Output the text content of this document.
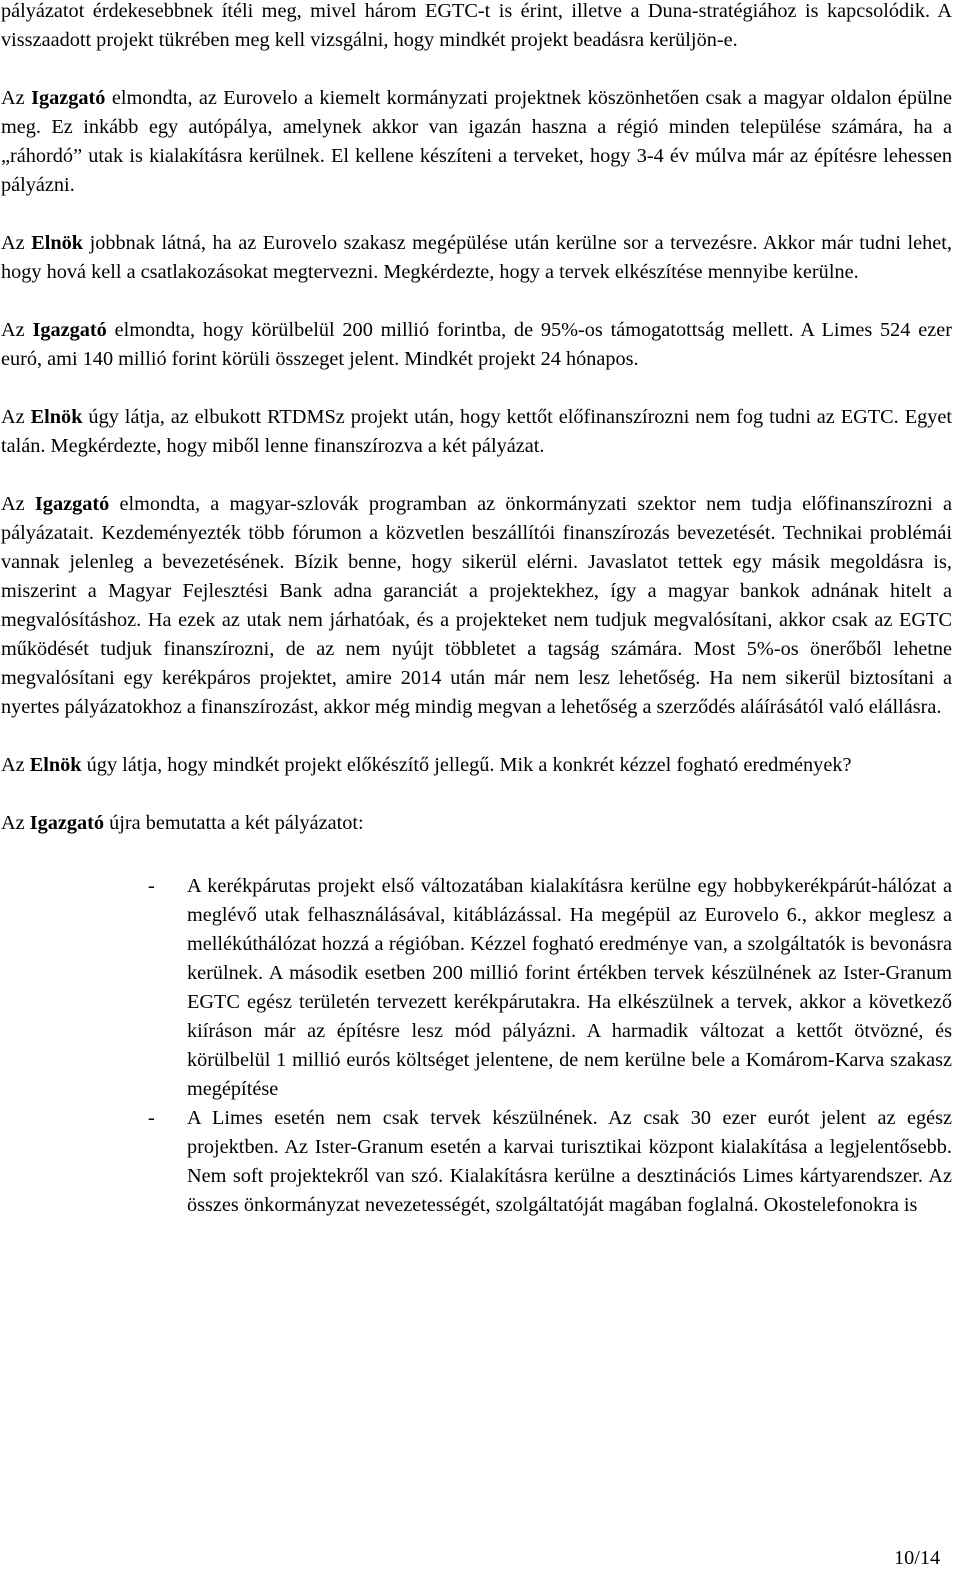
pályázatot érdekesebbnek ítéli meg, mivel három EGTC-t is érint, illetve a Duna-stratégiához is kapcsolódik. A visszaadott projekt tükrében meg kell vizsgálni, hogy mindkét projekt beadásra kerüljön-e.

Az Igazgató elmondta, az Eurovelo a kiemelt kormányzati projektnek köszönhetően csak a magyar oldalon épülne meg. Ez inkább egy autópálya, amelynek akkor van igazán haszna a régió minden települése számára, ha a „ráhordó” utak is kialakításra kerülnek. El kellene készíteni a terveket, hogy 3-4 év múlva már az építésre lehessen pályázni.

Az Elnök jobbnak látná, ha az Eurovelo szakasz megépülése után kerülne sor a tervezésre. Akkor már tudni lehet, hogy hová kell a csatlakozásokat megtervezni. Megkérdezte, hogy a tervek elkészítése mennyibe kerülne.

Az Igazgató elmondta, hogy körülbelül 200 millió forintba, de 95%-os támogatottság mellett. A Limes 524 ezer euró, ami 140 millió forint körüli összeget jelent. Mindkét projekt 24 hónapos.

Az Elnök úgy látja, az elbukott RTDMSz projekt után, hogy kettőt előfinanszírozni nem fog tudni az EGTC. Egyet talán. Megkérdezte, hogy miből lenne finanszírozva a két pályázat.

Az Igazgató elmondta, a magyar-szlovák programban az önkormányzati szektor nem tudja előfinanszírozni a pályázatait. Kezdeményezték több fórumon a közvetlen beszállítói finanszírozás bevezetését. Technikai problémái vannak jelenleg a bevezetésének. Bízik benne, hogy sikerül elérni. Javaslatot tettek egy másik megoldásra is, miszerint a Magyar Fejlesztési Bank adna garanciát a projektekhez, így a magyar bankok adnának hitelt a megvalósításhoz. Ha ezek az utak nem járhatóak, és a projekteket nem tudjuk megvalósítani, akkor csak az EGTC működését tudjuk finanszírozni, de az nem nyújt többletet a tagság számára. Most 5%-os önerőből lehetne megvalósítani egy kerékpáros projektet, amire 2014 után már nem lesz lehetőség. Ha nem sikerül biztosítani a nyertes pályázatokhoz a finanszírozást, akkor még mindig megvan a lehetőség a szerződés aláírásától való elállásra.

Az Elnök úgy látja, hogy mindkét projekt előkészítő jellegű. Mik a konkrét kézzel fogható eredmények?

Az Igazgató újra bemutatta a két pályázatot:

- A kerékpárutas projekt első változatában kialakításra kerülne egy hobbykerékpárút-hálózat a meglévő utak felhasználásával, kitáblázással. Ha megépül az Eurovelo 6., akkor meglesz a mellékúthálózat hozzá a régióban. Kézzel fogható eredménye van, a szolgáltatók is bevonásra kerülnek. A második esetben 200 millió forint értékben tervek készülnének az Ister-Granum EGTC egész területén tervezett kerékpárutakra. Ha elkészülnek a tervek, akkor a következő kiíráson már az építésre lesz mód pályázni. A harmadik változat a kettőt ötvözné, és körülbelül 1 millió eurós költséget jelentene, de nem kerülne bele a Komárom-Karva szakasz megépítése
- A Limes esetén nem csak tervek készülnének. Az csak 30 ezer eurót jelent az egész projektben. Az Ister-Granum esetén a karvai turisztikai központ kialakítása a legjelentősebb. Nem soft projektekről van szó. Kialakításra kerülne a desztinációs Limes kártyarendszer. Az összes önkormányzat nevezetességét, szolgáltatóját magában foglalná. Okostelefonokra is
10/14
